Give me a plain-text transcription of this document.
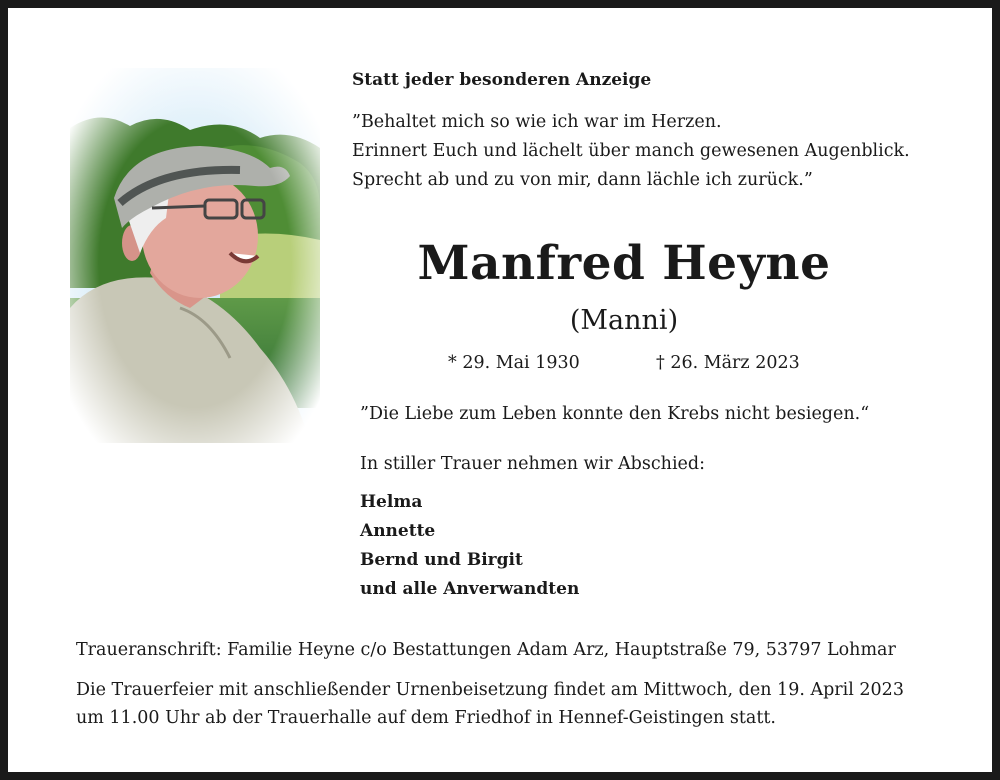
Statt jeder besonderen Anzeige

”Behaltet mich so wie ich war im Herzen.
Erinnert Euch und lächelt über manch gewesenen Augenblick.
Sprecht ab und zu von mir, dann lächle ich zurück.”

Manfred Heyne

(Manni)

* 29. Mai 1930	† 26. März 2023
”Die Liebe zum Leben konnte den Krebs nicht besiegen.“
In stiller Trauer nehmen wir Abschied:
Helma
Annette
Bernd und Birgit
und alle Anverwandten
Traueranschrift: Familie Heyne c/o Bestattungen Adam Arz, Hauptstraße 79, 53797 Lohmar
Die Trauerfeier mit anschließender Urnenbeisetzung findet am Mittwoch, den 19. April 2023
um 11.00 Uhr ab der Trauerhalle auf dem Friedhof in Hennef-Geistingen statt.
